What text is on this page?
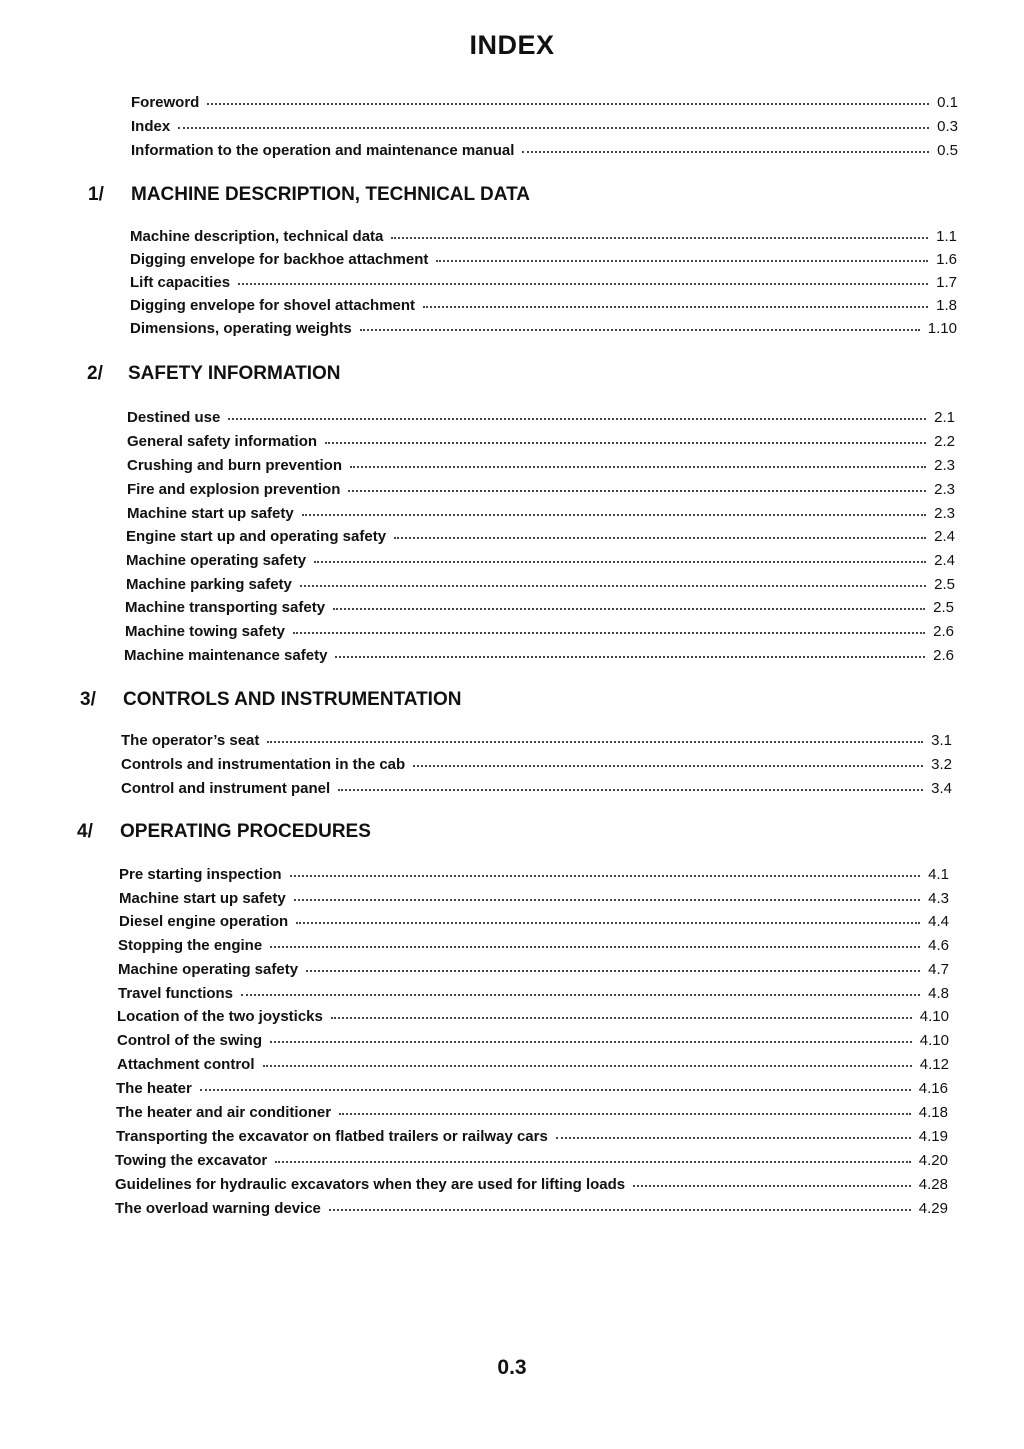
INDEX
Foreword	0.1
Index	0.3
Information to the operation and maintenance manual	0.5
1/ MACHINE DESCRIPTION, TECHNICAL DATA
Machine description, technical data	1.1
Digging envelope for backhoe attachment	1.6
Lift capacities	1.7
Digging envelope for shovel attachment	1.8
Dimensions, operating weights	1.10
2/ SAFETY INFORMATION
Destined use	2.1
General safety information	2.2
Crushing and burn prevention	2.3
Fire and explosion prevention	2.3
Machine start up safety	2.3
Engine start up and operating safety	2.4
Machine operating safety	2.4
Machine parking safety	2.5
Machine transporting safety	2.5
Machine towing safety	2.6
Machine maintenance safety	2.6
3/ CONTROLS AND INSTRUMENTATION
The operator’s seat	3.1
Controls and instrumentation in the cab	3.2
Control and instrument panel	3.4
4/ OPERATING PROCEDURES
Pre starting inspection	4.1
Machine start up safety	4.3
Diesel engine operation	4.4
Stopping the engine	4.6
Machine operating safety	4.7
Travel functions	4.8
Location of the two joysticks	4.10
Control of the swing	4.10
Attachment control	4.12
The heater	4.16
The heater and air conditioner	4.18
Transporting the excavator on flatbed trailers or railway cars	4.19
Towing the excavator	4.20
Guidelines for hydraulic excavators when they are used for lifting loads	4.28
The overload warning device	4.29
0.3
